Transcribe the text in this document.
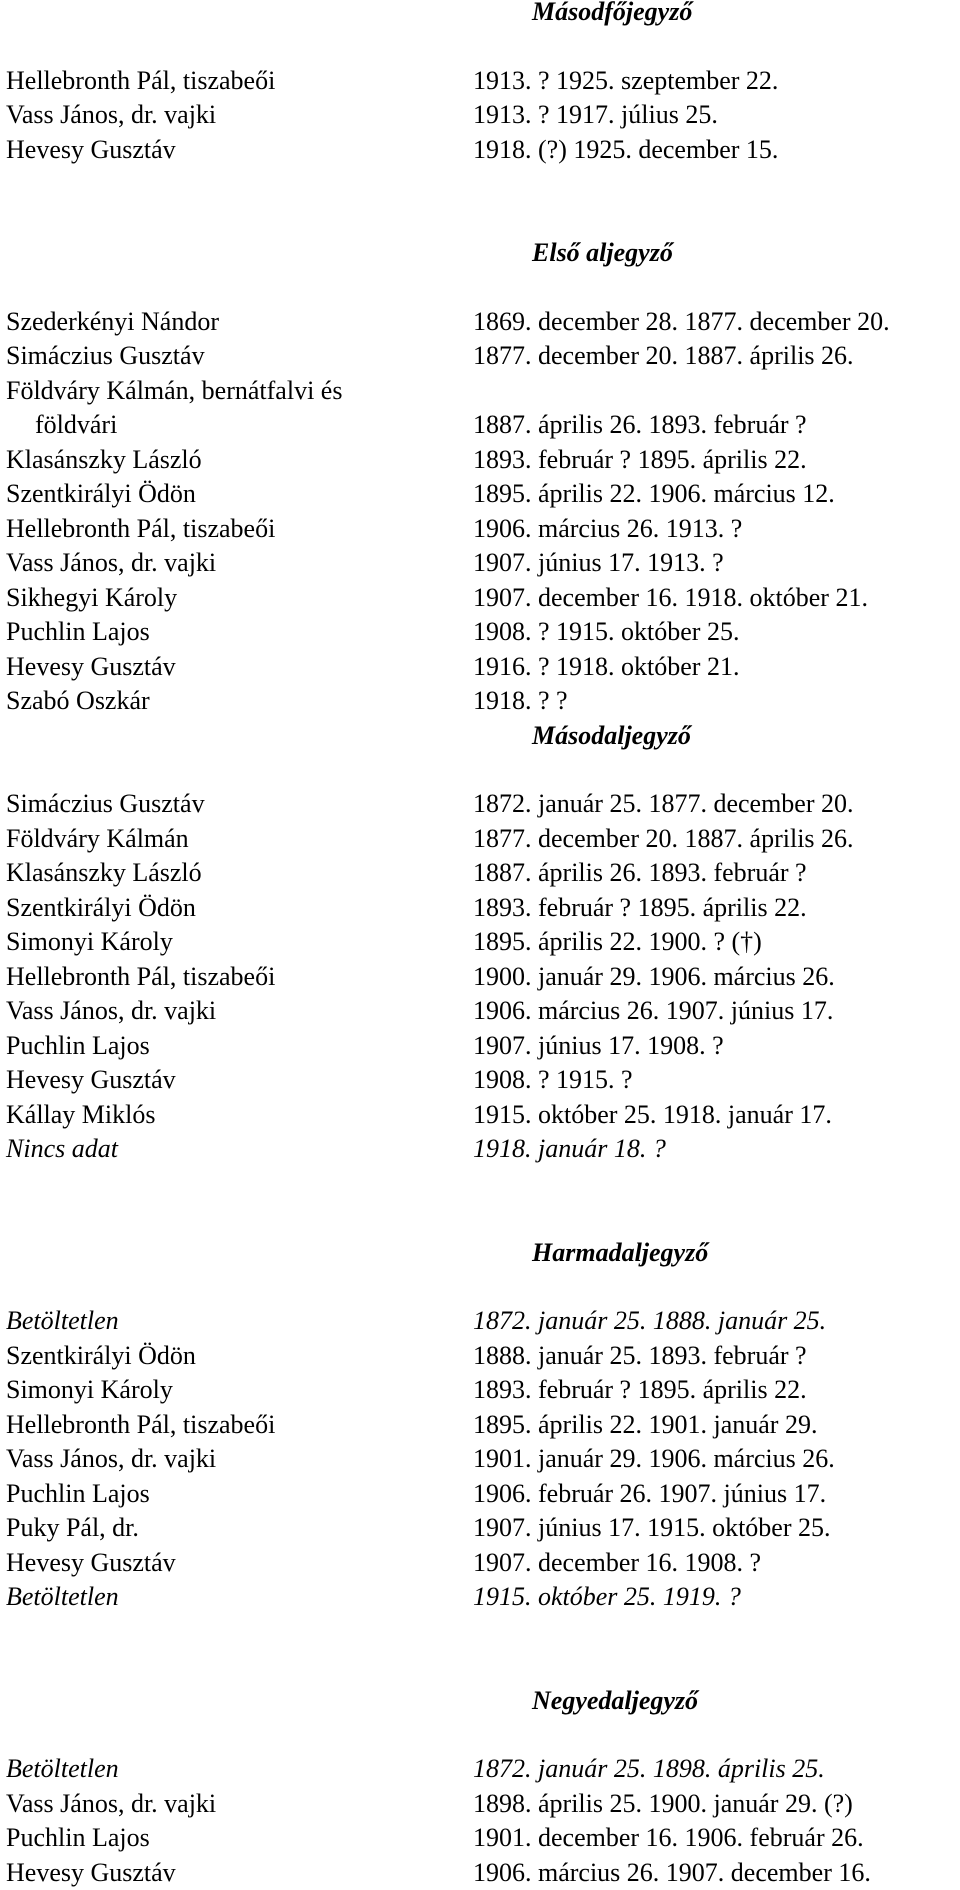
Másodfőjegyző
Hellebronth Pál, tiszabeői	1913. ? 1925. szeptember 22.
Vass János, dr. vajki	1913. ? 1917. július 25.
Hevesy Gusztáv	1918. (?) 1925. december 15.
Első aljegyző
Szederkényi Nándor	1869. december 28. 1877. december 20.
Simáczius Gusztáv	1877. december 20. 1887. április 26.
Földváry Kálmán, bernátfalvi és
földvári	1887. április 26. 1893. február ?
Klasánszky László	1893. február ? 1895. április 22.
Szentkirályi Ödön	1895. április 22. 1906. március 12.
Hellebronth Pál, tiszabeői	1906. március 26. 1913. ?
Vass János, dr. vajki	1907. június 17. 1913. ?
Sikhegyi Károly	1907. december 16. 1918. október 21.
Puchlin Lajos	1908. ? 1915. október 25.
Hevesy Gusztáv	1916. ? 1918. október 21.
Szabó Oszkár	1918. ? ?
Másodaljegyző
Simáczius Gusztáv	1872. január 25. 1877. december 20.
Földváry Kálmán	1877. december 20. 1887. április 26.
Klasánszky László	1887. április 26. 1893. február ?
Szentkirályi Ödön	1893. február ? 1895. április 22.
Simonyi Károly	1895. április 22. 1900. ? (†)
Hellebronth Pál, tiszabeői	1900. január 29. 1906. március 26.
Vass János, dr. vajki	1906. március 26. 1907. június 17.
Puchlin Lajos	1907. június 17. 1908. ?
Hevesy Gusztáv	1908. ? 1915. ?
Kállay Miklós	1915. október 25. 1918. január 17.
Nincs adat	1918. január 18. ?
Harmadaljegyző
Betöltetlen	1872. január 25. 1888. január 25.
Szentkirályi Ödön	1888. január 25. 1893. február ?
Simonyi Károly	1893. február ? 1895. április 22.
Hellebronth Pál, tiszabeői	1895. április 22. 1901. január 29.
Vass János, dr. vajki	1901. január 29. 1906. március 26.
Puchlin Lajos	1906. február 26. 1907. június 17.
Puky Pál, dr.	1907. június 17. 1915. október 25.
Hevesy Gusztáv	1907. december 16. 1908. ?
Betöltetlen	1915. október 25. 1919. ?
Negyedaljegyző
Betöltetlen	1872. január 25. 1898. április 25.
Vass János, dr. vajki	1898. április 25. 1900. január 29. (?)
Puchlin Lajos	1901. december 16. 1906. február 26.
Hevesy Gusztáv	1906. március 26. 1907. december 16.
